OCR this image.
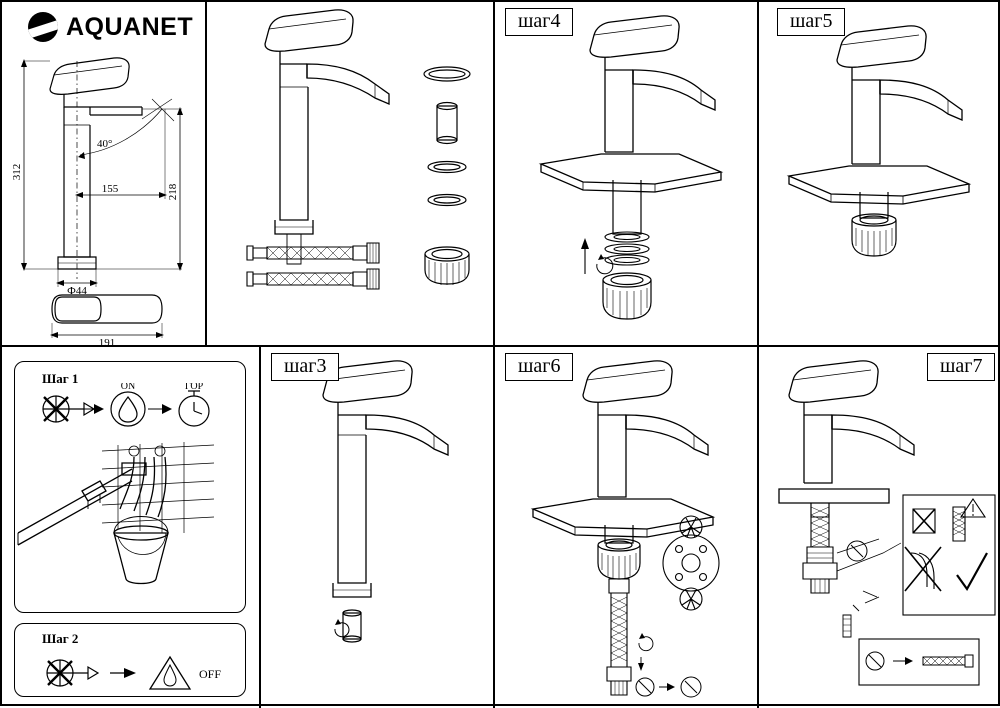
AQUANET
312
155	218
40°
Ф44
191
шаг4	шаг5
Шаг 1
ON	ГОР
Шаг 2
OFF
шаг3	шаг6	шаг7
